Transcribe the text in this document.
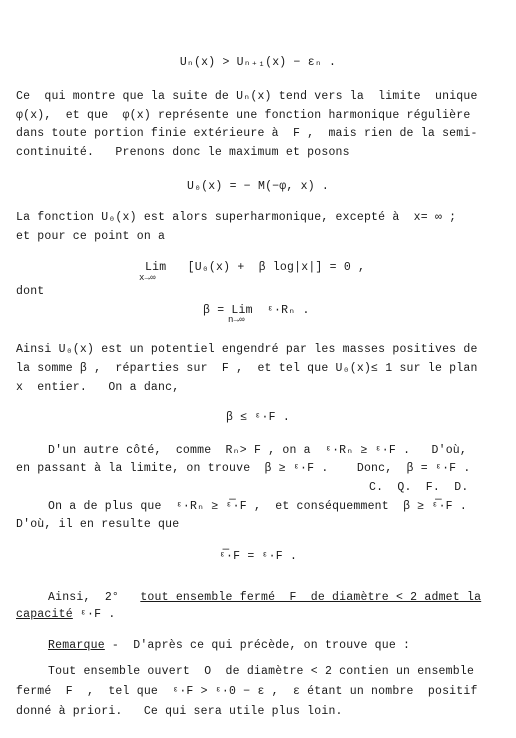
Uₙ(x) > Uₙ₊₁(x) − εₙ .
Ce  qui montre que la suite de Uₙ(x) tend vers la  limite  unique
φ(x),  et que  φ(x) représente une fonction harmonique régulière
dans toute portion finie extérieure à  F ,  mais rien de la semi-
continuité.   Prenons donc le maximum et posons
U₀(x) = − M(−φ, x) .
La fonction U₀(x) est alors superharmonique, excepté à  x= ∞ ;
et pour ce point on a
Lim   [U₀(x) +  β log|x|] = 0 ,
x→∞
dont
β = Lim  ᵋ·Rₙ .
n→∞
Ainsi U₀(x) est un potentiel engendré par les masses positives de
la somme β ,  réparties sur  F ,  et tel que U₀(x)≤ 1 sur le plan
x  entier.   On a danc,
β ≤ ᵋ·F .
D'un autre côté,  comme  Rₙ> F , on a  ᵋ·Rₙ ≥ ᵋ·F .   D'où,
en passant à la limite, on trouve  β ≥ ᵋ·F .    Donc,  β = ᵋ·F .
C.  Q.  F.  D.
On a de plus que  ᵋ·Rₙ ≥ ᵋ̅·F ,  et conséquemment  β ≥ ᵋ̅·F .
D'où, il en resulte que
ᵋ̅·F = ᵋ·F .
Ainsi, 2° tout ensemble fermé  F  de diamètre < 2 admet la
capacité ᵋ·F .
Remarque -  D'après ce qui précède, on trouve que :
Tout ensemble ouvert  O  de diamètre < 2 contien un ensemble
fermé  F  ,  tel que  ᵋ·F > ᵋ·0 − ε ,  ε étant un nombre  positif
donné à priori.   Ce qui sera utile plus loin.
